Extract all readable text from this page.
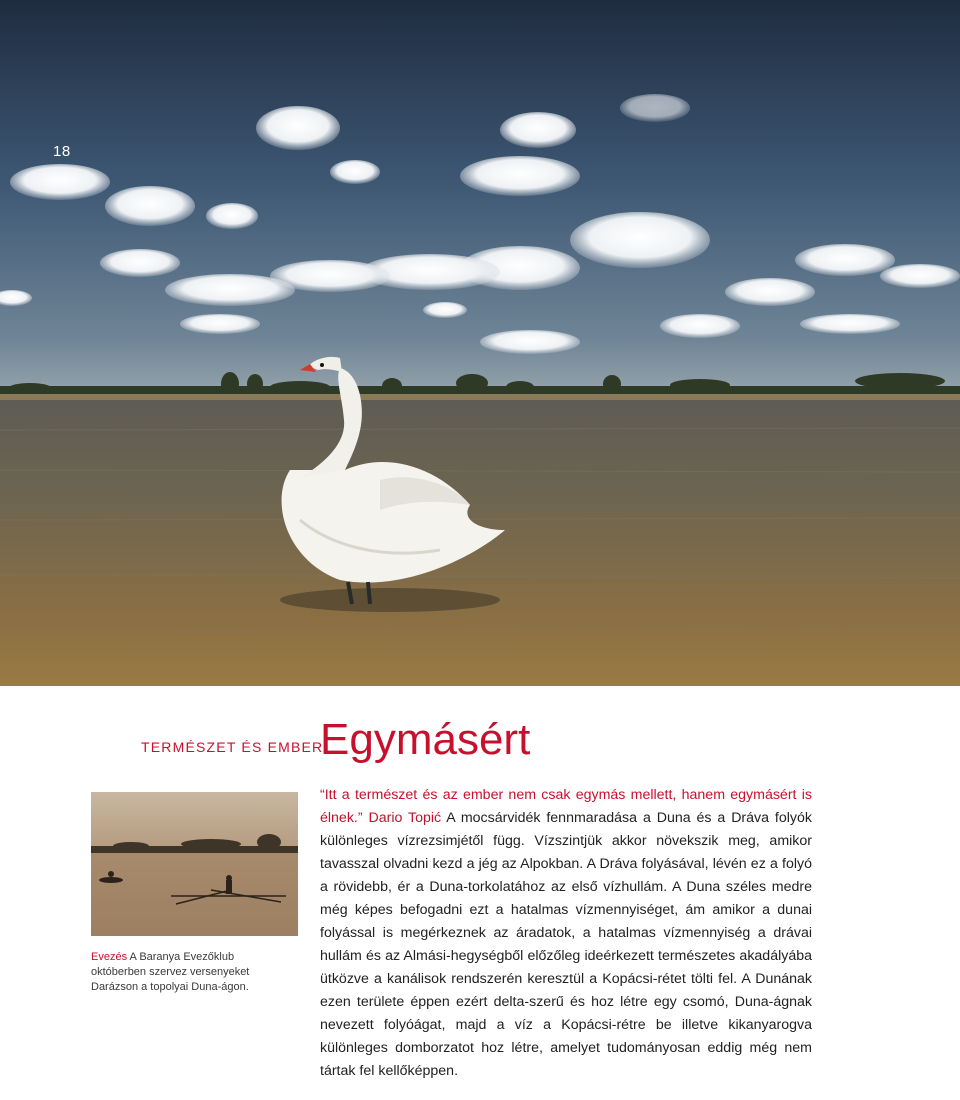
18
TERMÉSZET ÉS EMBER
Egymásért
Evezés A Baranya Evezőklub októberben szervez versenyeket Darázson a topolyai Duna-ágon.

“Itt a természet és az ember nem csak egymás mellett, hanem egymásért is élnek.” Dario Topić A mocsárvidék fennmaradása a Duna és a Dráva folyók különleges vízrezsimjétől függ. Vízszintjük akkor növekszik meg, amikor tavasszal olvadni kezd a jég az Alpokban. A Dráva folyásával, lévén ez a folyó a rövidebb, ér a Duna-torkolatához az első vízhullám. A Duna széles medre még képes befogadni ezt a hatalmas vízmennyiséget, ám amikor a dunai folyással is megérkeznek az áradatok, a hatalmas vízmennyiség a drávai hullám és az Almási-hegységből előzőleg ideérkezett természetes akadályába ütközve a kanálisok rendszerén keresztül a Kopácsi-rétet tölti fel. A Dunának ezen területe éppen ezért delta-szerű és hoz létre egy csomó, Duna-ágnak nevezett folyóágat, majd a víz a Kopácsi-rétre be illetve kikanyarogva különleges domborzatot hoz létre, amelyet tudományosan eddig még nem tártak fel kellőképpen.
